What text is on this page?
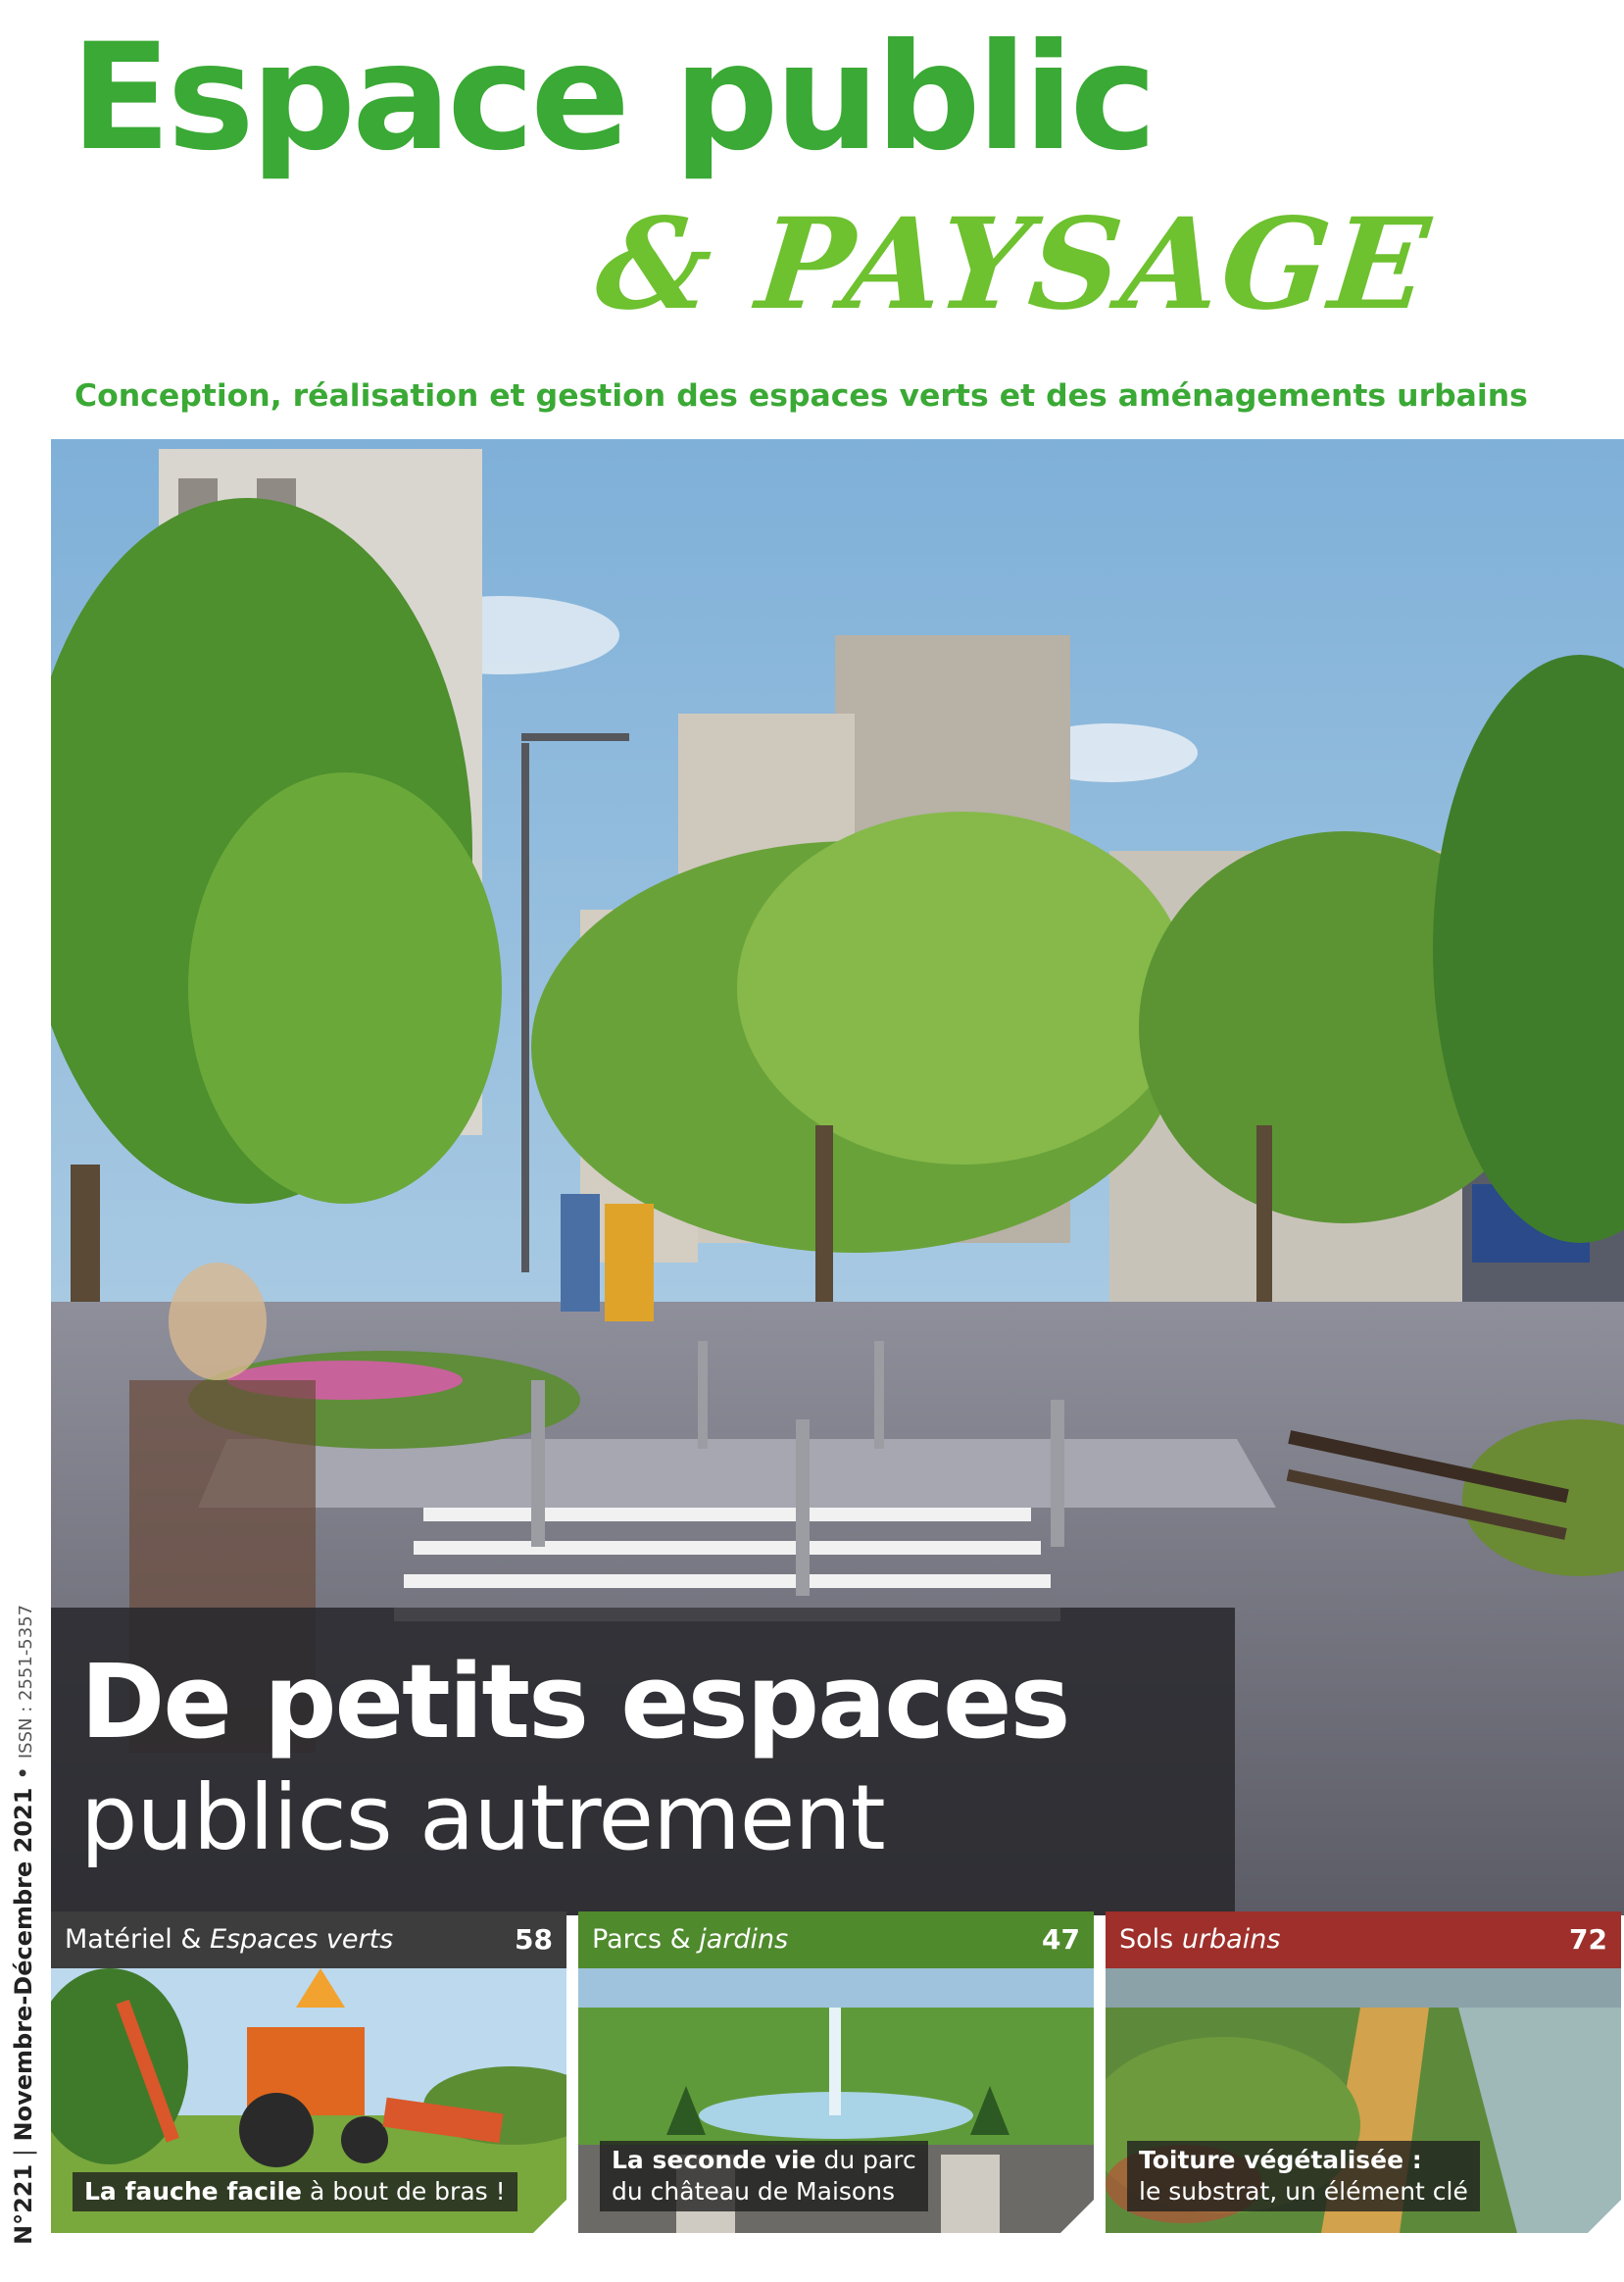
Espace public
& PAYSAGE
Conception, réalisation et gestion des espaces verts et des aménagements urbains
De petits espaces
publics autrement
N°221 | Novembre-Décembre 2021 • ISSN : 2551-5357
Matériel & Espaces verts	58
La fauche facile à bout de bras !
Parcs & jardins	47
La seconde vie du parc
du château de Maisons
Sols urbains	72
Toiture végétalisée :
le substrat, un élément clé
